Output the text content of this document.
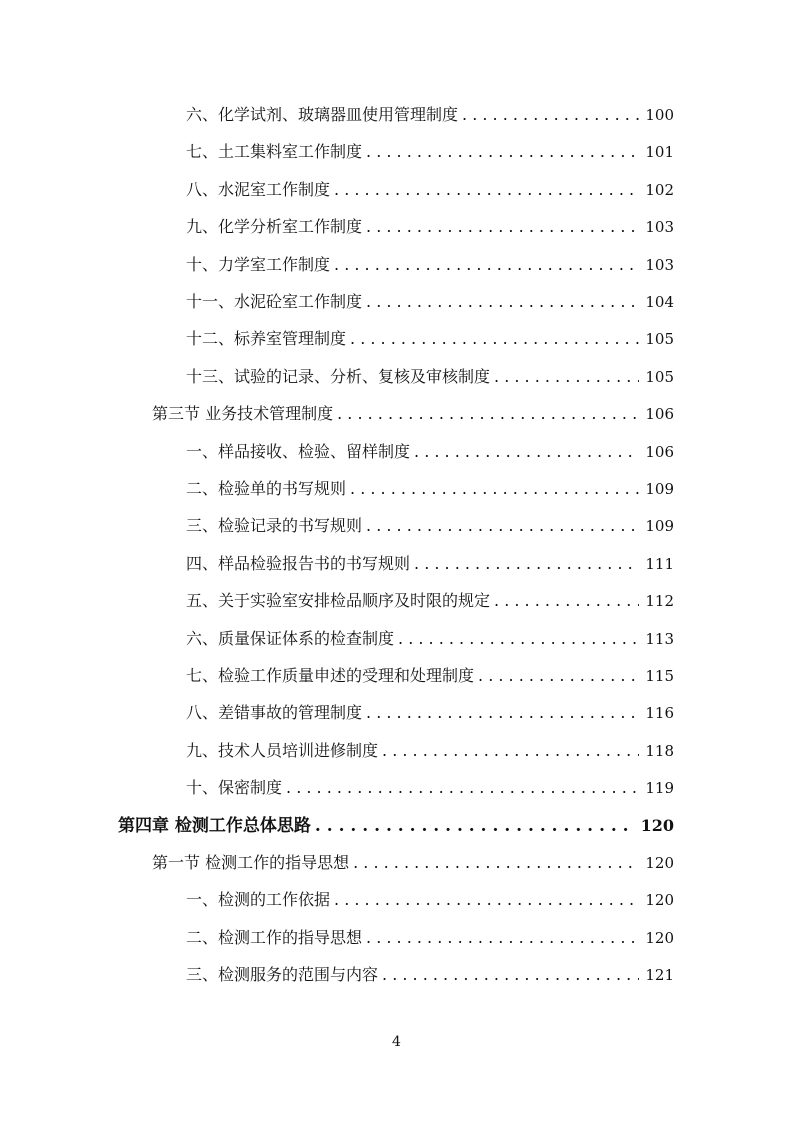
六、化学试剂、玻璃器皿使用管理制度 . . .	100
七、土工集料室工作制度 . . .	101
八、水泥室工作制度 . . .	102
九、化学分析室工作制度 . . .	103
十、力学室工作制度 . . .	103
十一、水泥砼室工作制度 . . .	104
十二、标养室管理制度 . . .	105
十三、试验的记录、分析、复核及审核制度 . . .	105
第三节 业务技术管理制度 . . .	106
一、样品接收、检验、留样制度 . . .	106
二、检验单的书写规则 . . .	109
三、检验记录的书写规则 . . .	109
四、样品检验报告书的书写规则 . . .	111
五、关于实验室安排检品顺序及时限的规定 . . .	112
六、质量保证体系的检查制度 . . .	113
七、检验工作质量申述的受理和处理制度 . . .	115
八、差错事故的管理制度 . . .	116
九、技术人员培训进修制度 . . .	118
十、保密制度 . . .	119
第四章 检测工作总体思路 . . .	120
第一节 检测工作的指导思想 . . .	120
一、检测的工作依据 . . .	120
二、检测工作的指导思想 . . .	120
三、检测服务的范围与内容 . . .	121
4
